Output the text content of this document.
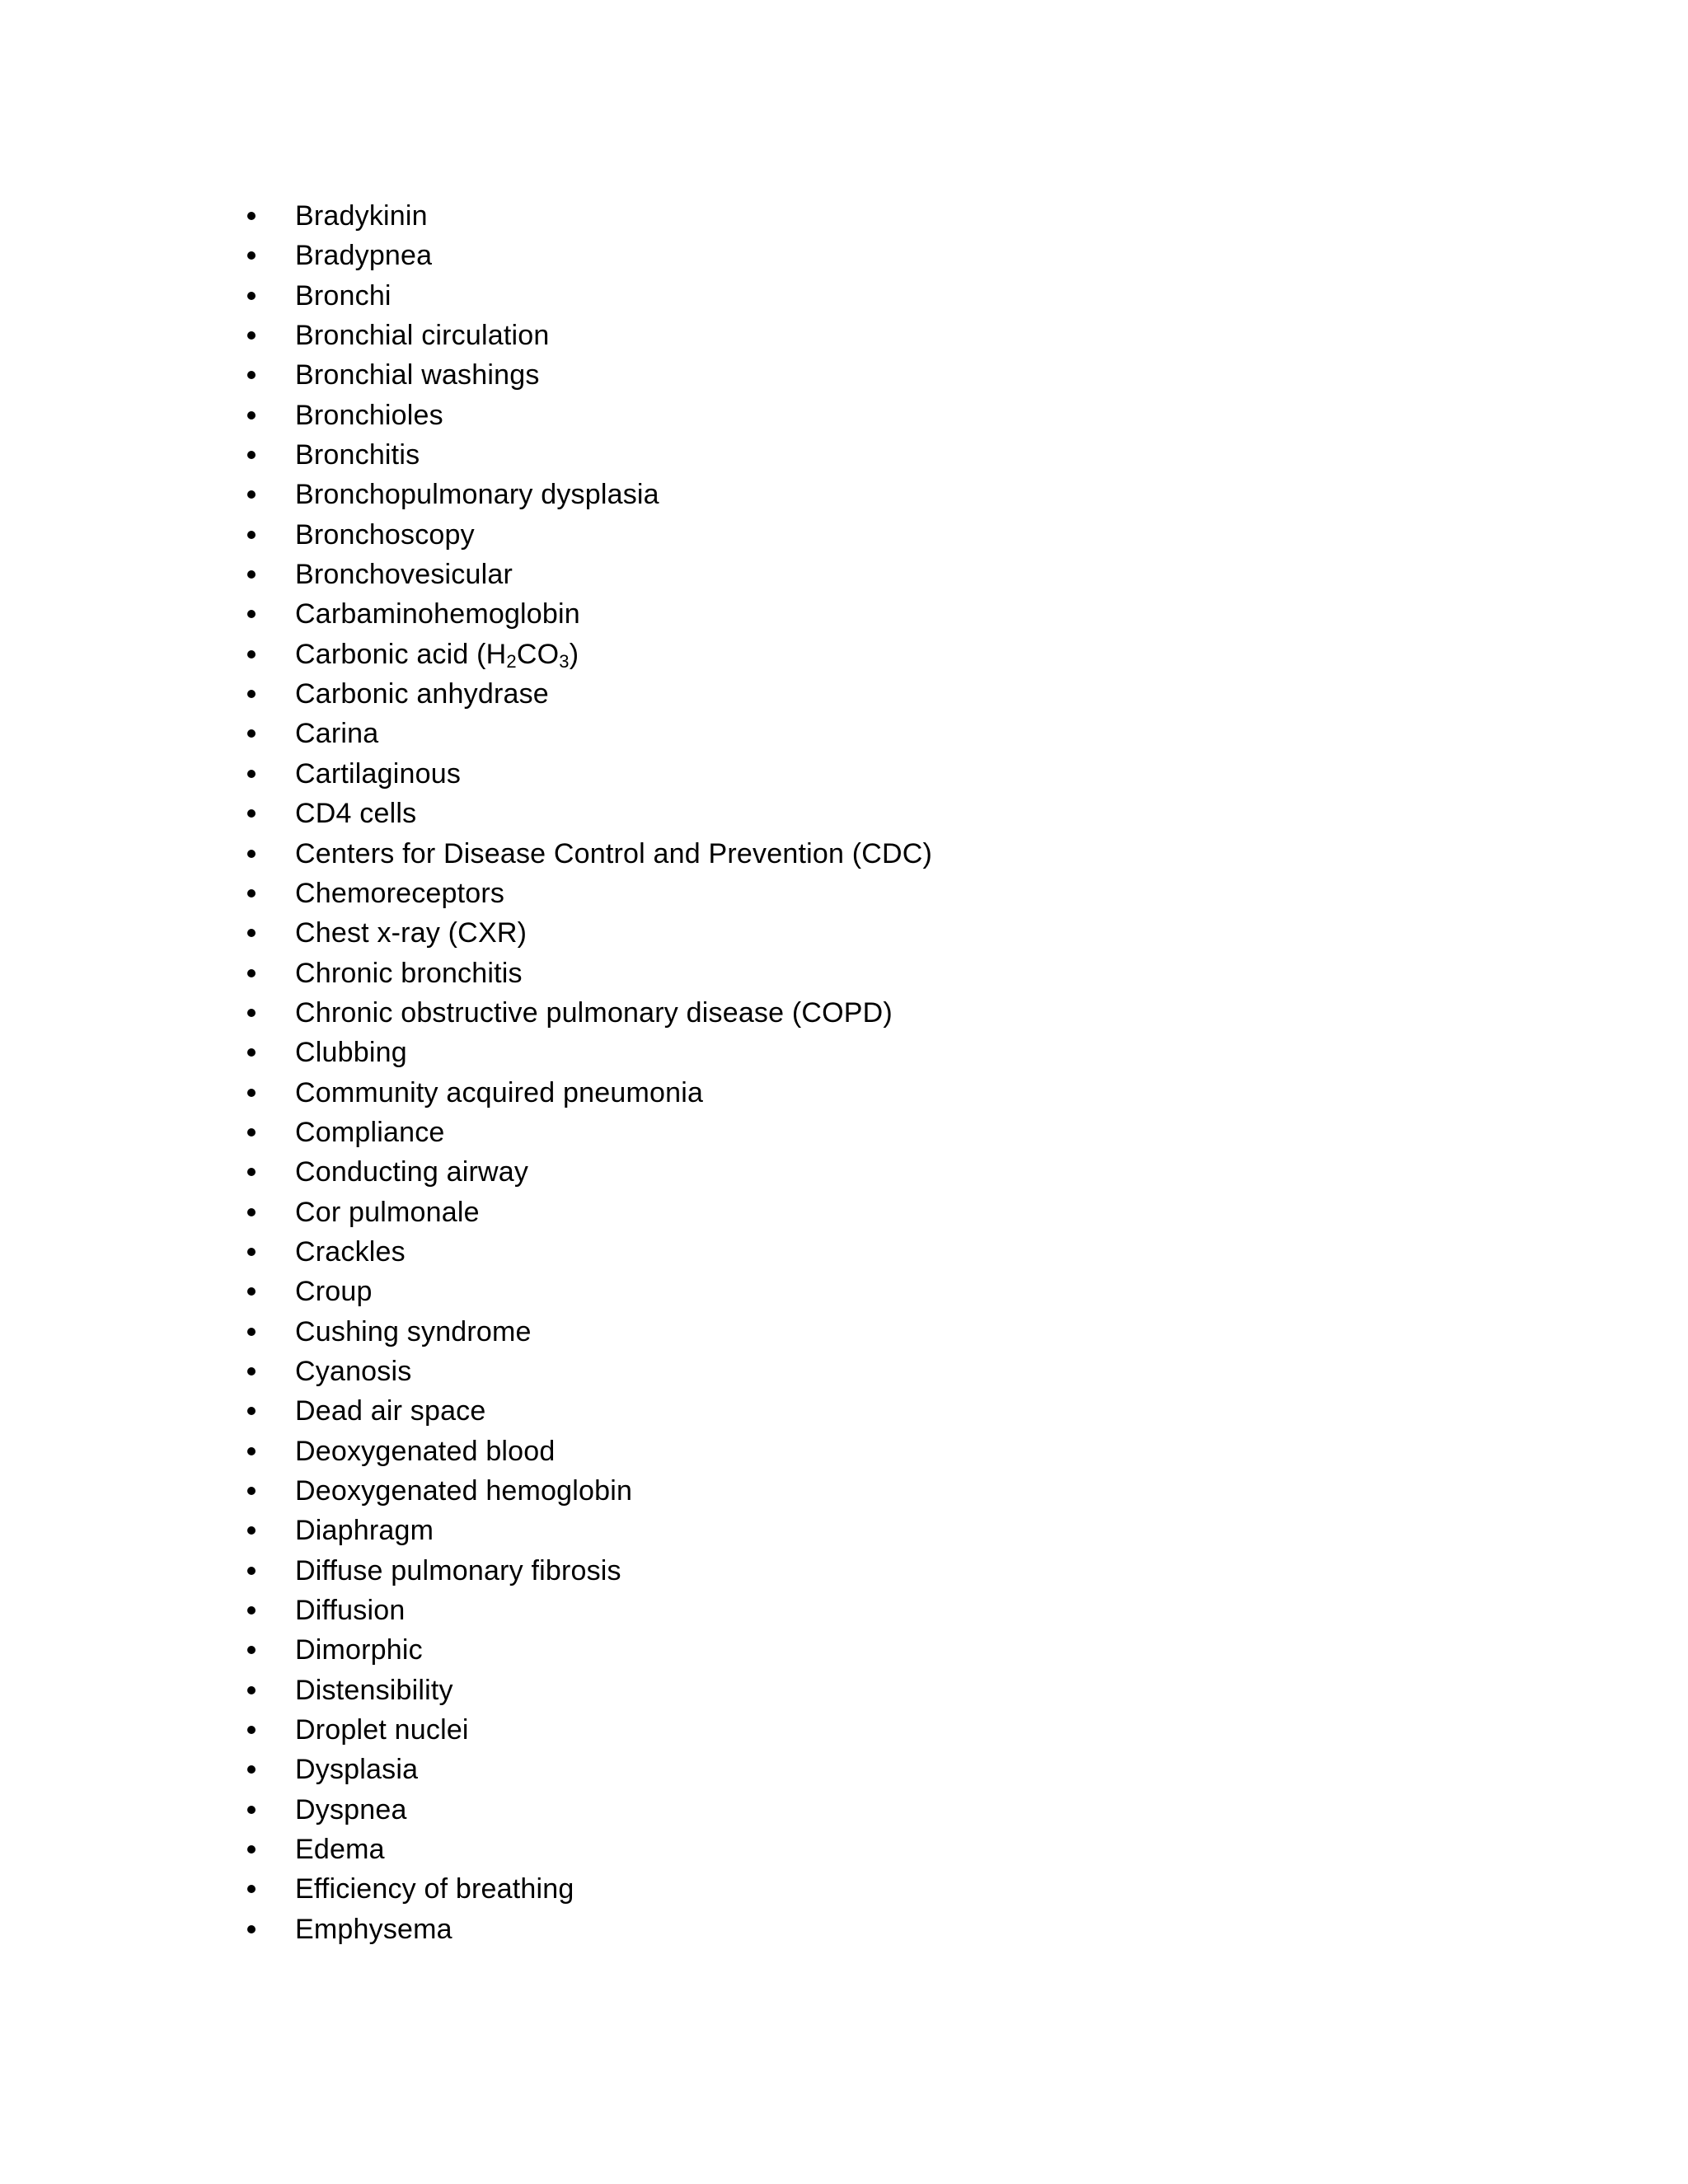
Bradykinin
Bradypnea
Bronchi
Bronchial circulation
Bronchial washings
Bronchioles
Bronchitis
Bronchopulmonary dysplasia
Bronchoscopy
Bronchovesicular
Carbaminohemoglobin
Carbonic acid $(H_2CO_3)$
Carbonic anhydrase
Carina
Cartilaginous
CD4 cells
Centers for Disease Control and Prevention (CDC)
Chemoreceptors
Chest x-ray (CXR)
Chronic bronchitis
Chronic obstructive pulmonary disease (COPD)
Clubbing
Community acquired pneumonia
Compliance
Conducting airway
Cor pulmonale
Crackles
Croup
Cushing syndrome
Cyanosis
Dead air space
Deoxygenated blood
Deoxygenated hemoglobin
Diaphragm
Diffuse pulmonary fibrosis
Diffusion
Dimorphic
Distensibility
Droplet nuclei
Dysplasia
Dyspnea
Edema
Efficiency of breathing
Emphysema
